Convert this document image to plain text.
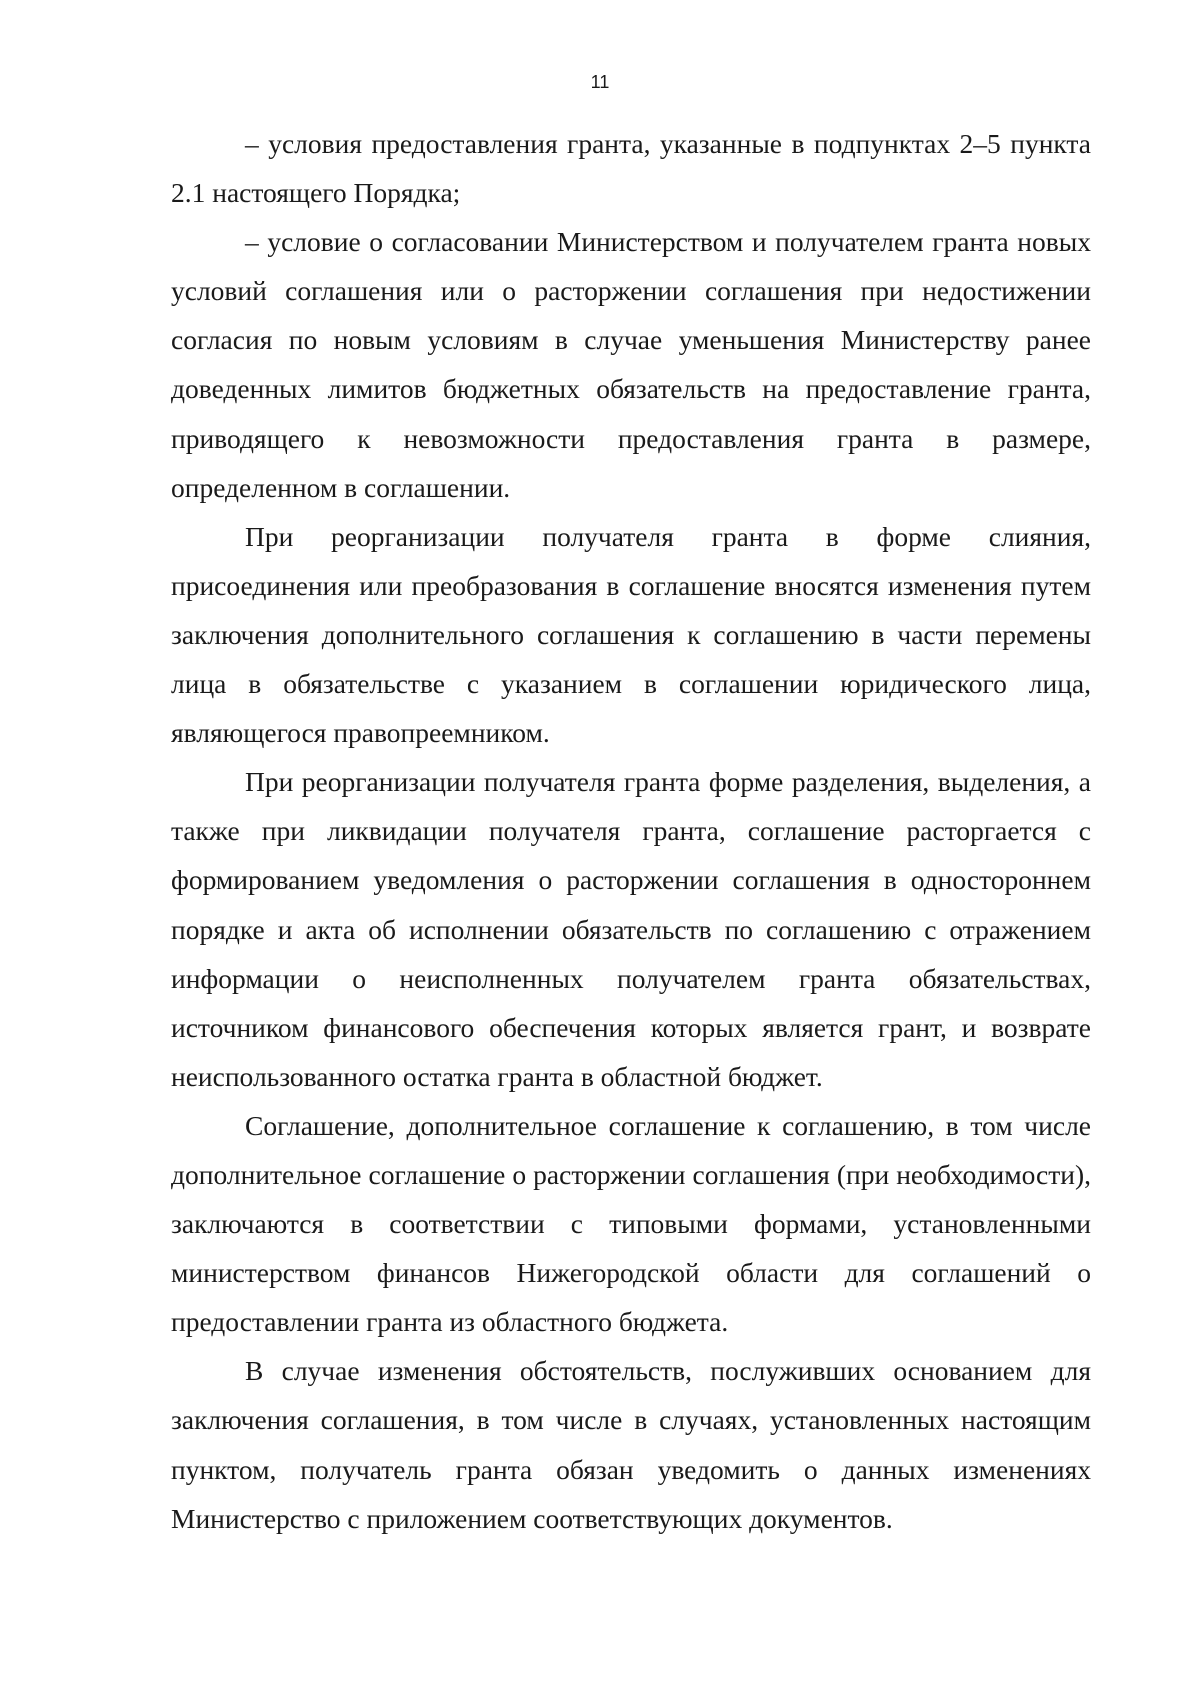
11

– условия предоставления гранта, указанные в подпунктах 2–5 пункта 2.1 настоящего Порядка;

– условие о согласовании Министерством и получателем гранта новых условий соглашения или о расторжении соглашения при недостижении согласия по новым условиям в случае уменьшения Министерству ранее доведенных лимитов бюджетных обязательств на предоставление гранта, приводящего к невозможности предоставления гранта в размере, определенном в соглашении.

При реорганизации получателя гранта в форме слияния, присоединения или преобразования в соглашение вносятся изменения путем заключения дополнительного соглашения к соглашению в части перемены лица в обязательстве с указанием в соглашении юридического лица, являющегося правопреемником.

При реорганизации получателя гранта форме разделения, выделения, а также при ликвидации получателя гранта, соглашение расторгается с формированием уведомления о расторжении соглашения в одностороннем порядке и акта об исполнении обязательств по соглашению с отражением информации о неисполненных получателем гранта обязательствах, источником финансового обеспечения которых является грант, и возврате неиспользованного остатка гранта в областной бюджет.

Соглашение, дополнительное соглашение к соглашению, в том числе дополнительное соглашение о расторжении соглашения (при необходимости), заключаются в соответствии с типовыми формами, установленными министерством финансов Нижегородской области для соглашений о предоставлении гранта из областного бюджета.

В случае изменения обстоятельств, послуживших основанием для заключения соглашения, в том числе в случаях, установленных настоящим пунктом, получатель гранта обязан уведомить о данных изменениях Министерство с приложением соответствующих документов.
